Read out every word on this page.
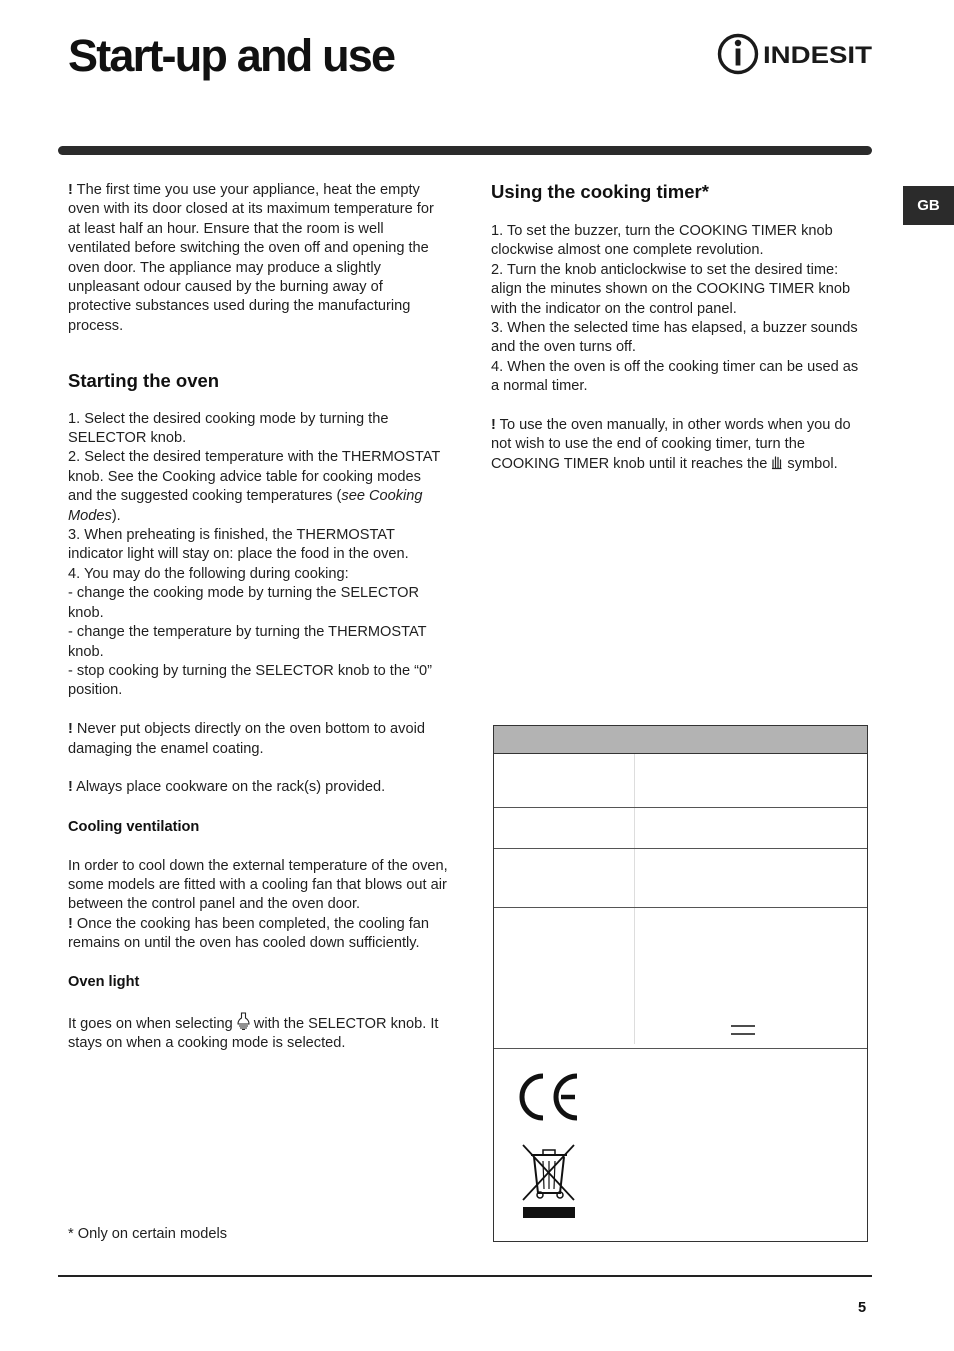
Start-up and use	INDESIT
GB

! The first time you use your appliance, heat the empty oven with its door closed at its maximum temperature for at least half an hour. Ensure that the room is well ventilated before switching the oven off and opening the oven door. The appliance may produce a slightly unpleasant odour caused by the burning away of protective substances used during the manufacturing process.

Starting the oven

1. Select the desired cooking mode by turning the SELECTOR knob.

2. Select the desired temperature with the THERMOSTAT knob. See the Cooking advice table for cooking modes and the suggested cooking temperatures (see Cooking Modes).

3. When preheating is finished, the THERMOSTAT indicator light will stay on: place the food in the oven.

4. You may do the following during cooking:

- change the cooking mode by turning the SELECTOR knob.

- change the temperature by turning the THERMOSTAT knob.

- stop cooking by turning the SELECTOR knob to the “0” position.

! Never put objects directly on the oven bottom to avoid damaging the enamel coating.

! Always place cookware on the rack(s) provided.

Cooling ventilation

In order to cool down the external temperature of the oven, some models are fitted with a cooling fan that blows out air between the control panel and the oven door.

! Once the cooking has been completed, the cooling fan remains on until the oven has cooled down sufficiently.

Oven light

It goes on when selecting  with the SELECTOR knob. It stays on when a cooking mode is selected.

* Only on certain models

Using the cooking timer*

1. To set the buzzer, turn the COOKING TIMER knob clockwise almost one complete revolution.

2. Turn the knob anticlockwise to set the desired time: align the minutes shown on the COOKING TIMER knob with the indicator on the control panel.

3. When the selected time has elapsed, a buzzer sounds and the oven turns off.

4. When the oven is off the cooking timer can be used as a normal timer.

! To use the oven manually, in other words when you do not wish to use the end of cooking timer, turn the COOKING TIMER knob until it reaches the  symbol.

5
